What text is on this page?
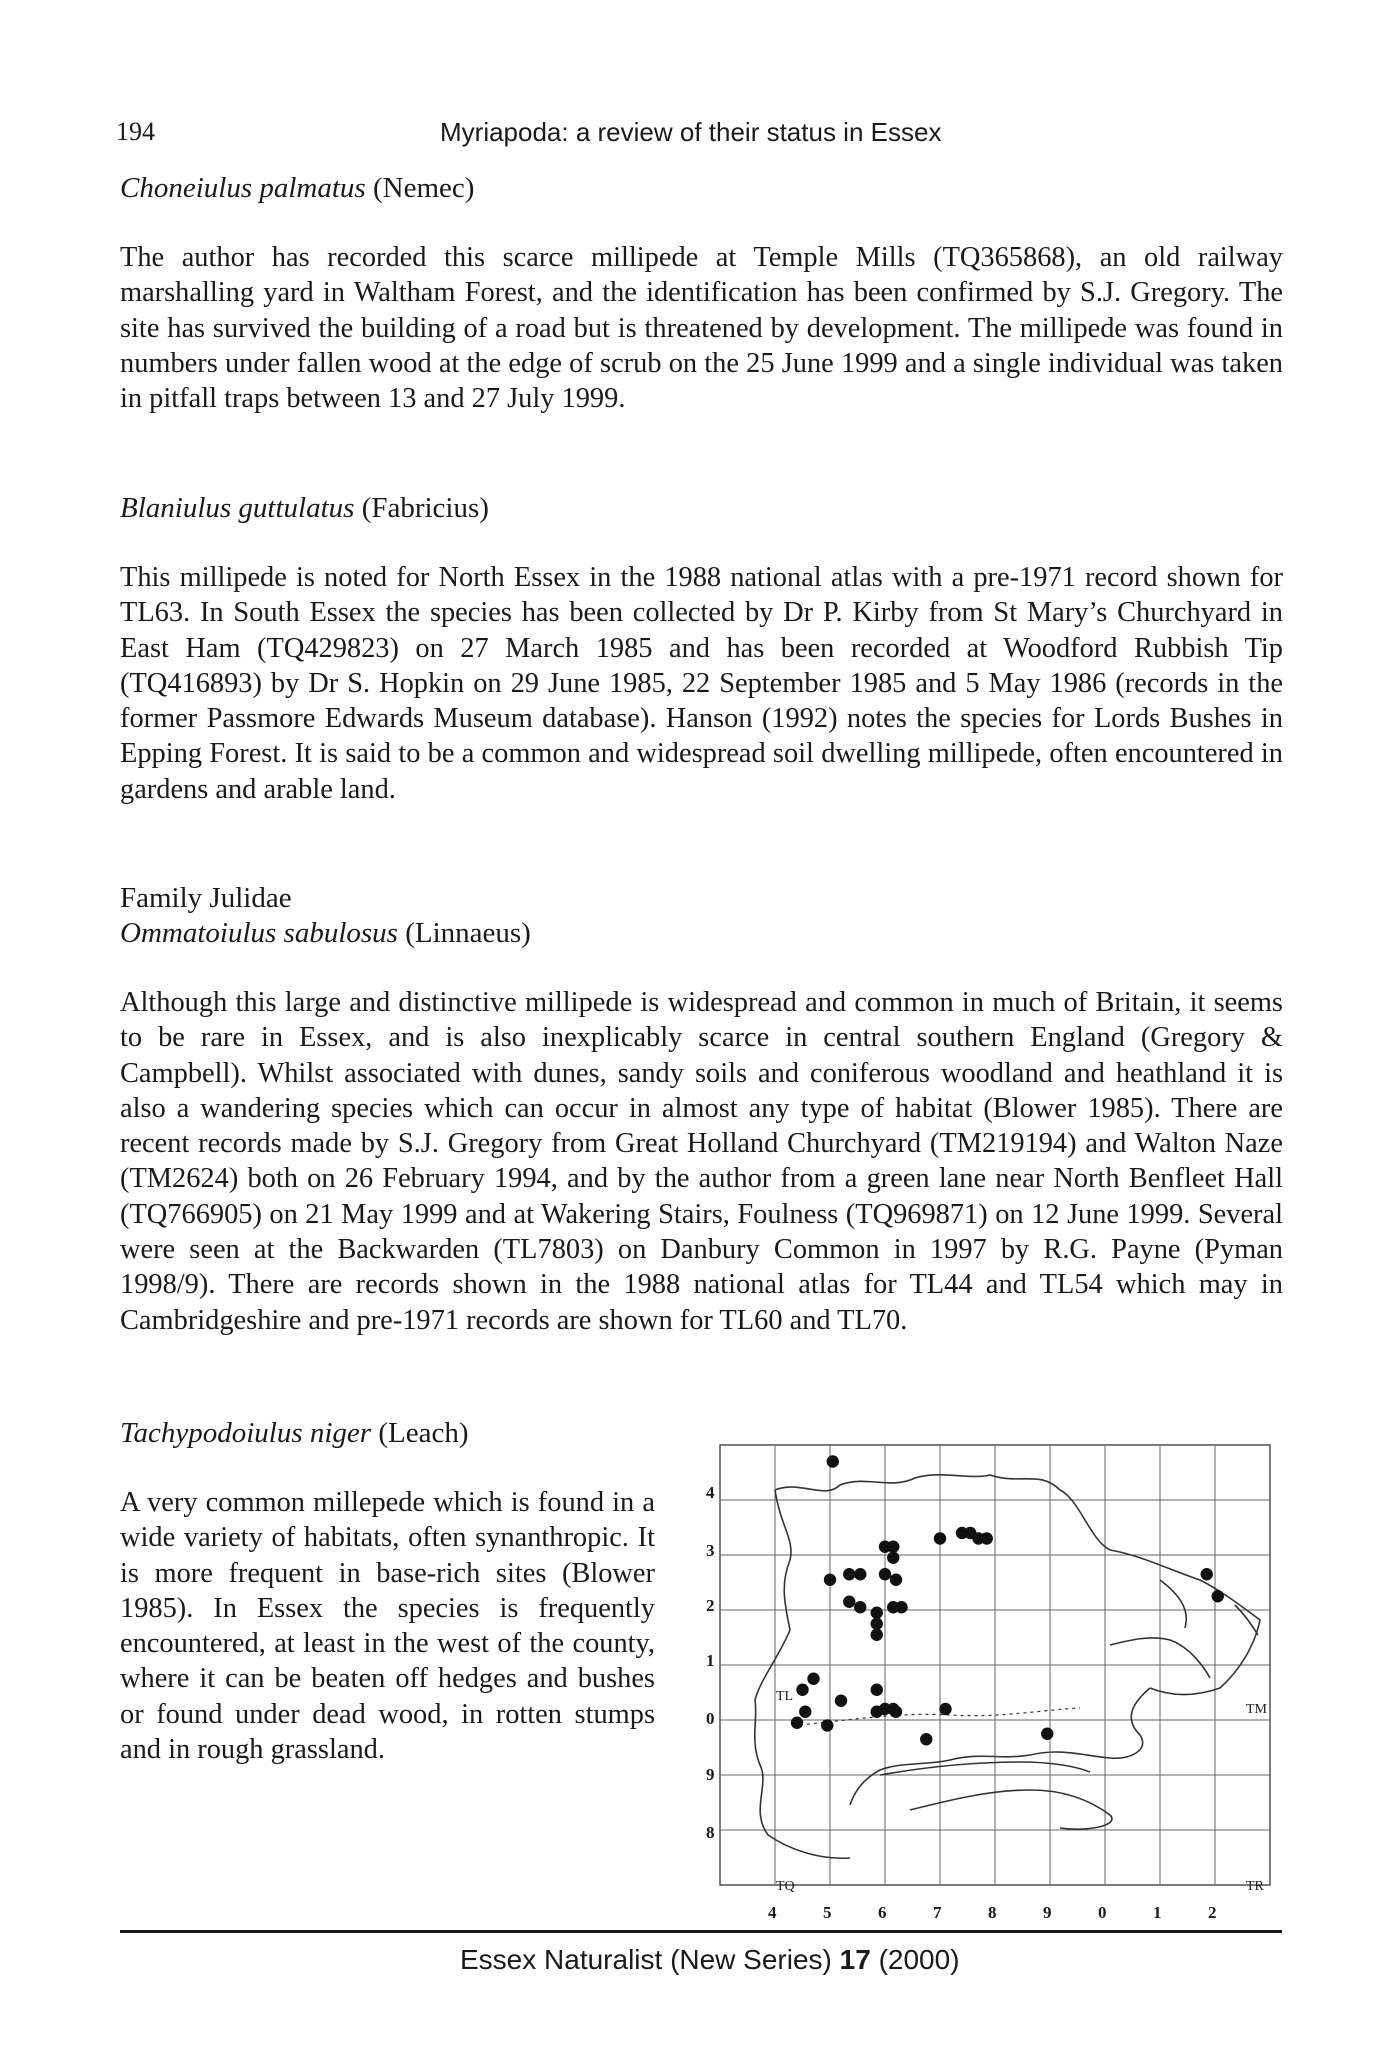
194	Myriapoda: a review of their status in Essex
Choneiulus palmatus (Nemec)
The author has recorded this scarce millipede at Temple Mills (TQ365868), an old railway marshalling yard in Waltham Forest, and the identification has been confirmed by S.J. Gregory. The site has survived the building of a road but is threatened by development. The millipede was found in numbers under fallen wood at the edge of scrub on the 25 June 1999 and a single individual was taken in pitfall traps between 13 and 27 July 1999.
Blaniulus guttulatus (Fabricius)
This millipede is noted for North Essex in the 1988 national atlas with a pre-1971 record shown for TL63. In South Essex the species has been collected by Dr P. Kirby from St Mary’s Churchyard in East Ham (TQ429823) on 27 March 1985 and has been recorded at Woodford Rubbish Tip (TQ416893) by Dr S. Hopkin on 29 June 1985, 22 September 1985 and 5 May 1986 (records in the former Passmore Edwards Museum database). Hanson (1992) notes the species for Lords Bushes in Epping Forest. It is said to be a common and widespread soil dwelling millipede, often encountered in gardens and arable land.
Family Julidae
Ommatoiulus sabulosus (Linnaeus)
Although this large and distinctive millipede is widespread and common in much of Britain, it seems to be rare in Essex, and is also inexplicably scarce in central southern England (Gregory & Campbell). Whilst associated with dunes, sandy soils and coniferous woodland and heathland it is also a wandering species which can occur in almost any type of habitat (Blower 1985). There are recent records made by S.J. Gregory from Great Holland Churchyard (TM219194) and Walton Naze (TM2624) both on 26 February 1994, and by the author from a green lane near North Benfleet Hall (TQ766905) on 21 May 1999 and at Wakering Stairs, Foulness (TQ969871) on 12 June 1999. Several were seen at the Backwarden (TL7803) on Danbury Common in 1997 by R.G. Payne (Pyman 1998/9). There are records shown in the 1988 national atlas for TL44 and TL54 which may in Cambridgeshire and pre-1971 records are shown for TL60 and TL70.
Tachypodoiulus niger (Leach)
A very common millepede which is found in a wide variety of habitats, often synanthropic. It is more frequent in base-rich sites (Blower 1985). In Essex the species is frequently encountered, at least in the west of the county, where it can be beaten off hedges and bushes or found under dead wood, in rotten stumps and in rough grassland.
TL
TM
TQ	TR
4
3
2
1
0
9
8
4	5	6	7	8	9	0	1	2
Essex Naturalist (New Series) 17 (2000)
